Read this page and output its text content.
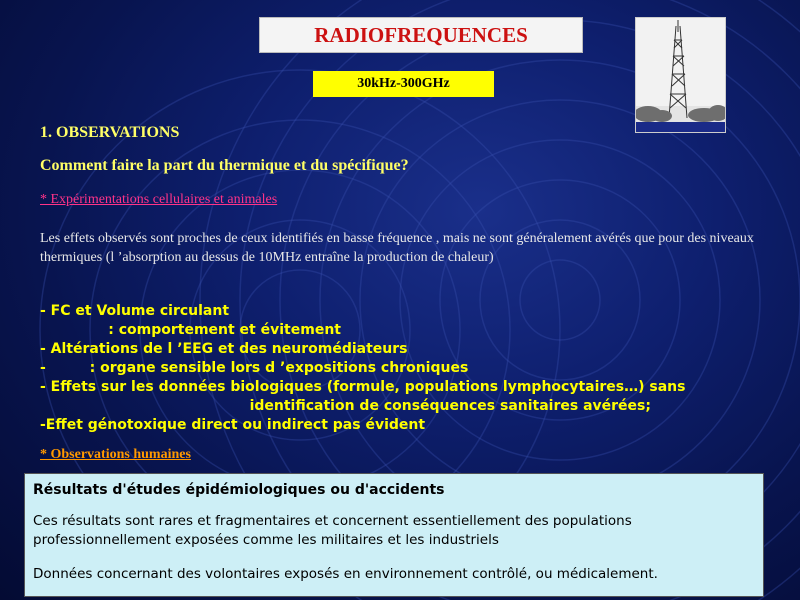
RADIOFREQUENCES
30kHz-300GHz
1. OBSERVATIONS
Comment faire la part du thermique et du spécifique?
* Expérimentations cellulaires et animales
Les effets observés sont proches de ceux identifiés en basse fréquence , mais ne sont généralement avérés que pour des niveaux thermiques (l ’absorption au dessus de 10MHz entraîne la production de chaleur)
- FC et Volume circulant
: comportement et évitement
- Altérations de l ’EEG et des neuromédiateurs
-         : organe sensible lors d ’expositions chroniques
- Effets sur les données biologiques (formule, populations lymphocytaires…) sans
identification de conséquences sanitaires avérées;
-Effet génotoxique direct ou indirect pas évident
* Observations humaines
Résultats d'études épidémiologiques ou d'accidents
Ces résultats sont rares et fragmentaires et concernent essentiellement des populations professionnellement exposées comme les militaires et les industriels
Données concernant des volontaires exposés en environnement contrôlé, ou médicalement.
